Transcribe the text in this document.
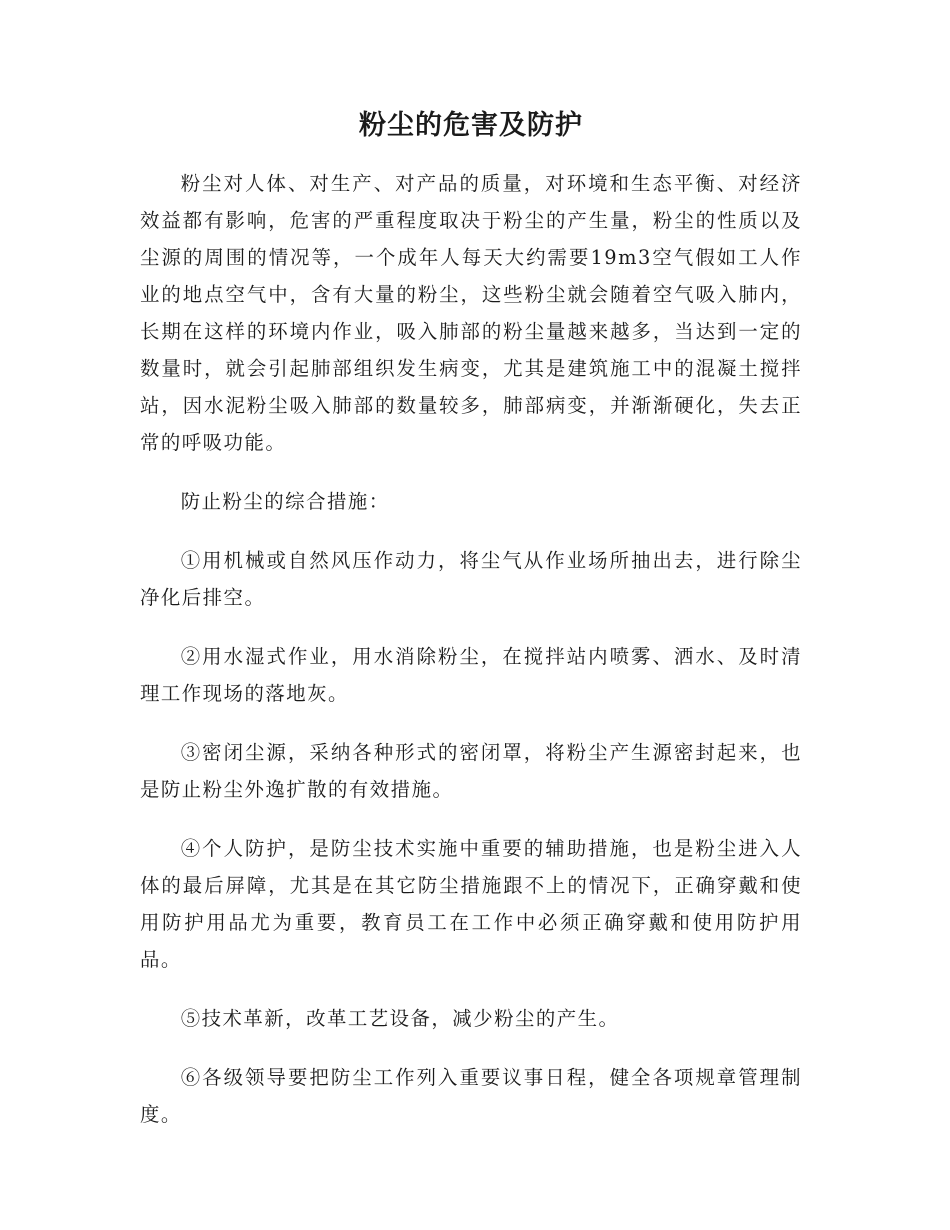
粉尘的危害及防护

粉尘对人体、对生产、对产品的质量，对环境和生态平衡、对经济效益都有影响，危害的严重程度取决于粉尘的产生量，粉尘的性质以及尘源的周围的情况等，一个成年人每天大约需要19m3空气假如工人作业的地点空气中，含有大量的粉尘，这些粉尘就会随着空气吸入肺内，长期在这样的环境内作业，吸入肺部的粉尘量越来越多，当达到一定的数量时，就会引起肺部组织发生病变，尤其是建筑施工中的混凝土搅拌站，因水泥粉尘吸入肺部的数量较多，肺部病变，并渐渐硬化，失去正常的呼吸功能。

防止粉尘的综合措施：

①用机械或自然风压作动力，将尘气从作业场所抽出去，进行除尘净化后排空。

②用水湿式作业，用水消除粉尘，在搅拌站内喷雾、洒水、及时清理工作现场的落地灰。

③密闭尘源，采纳各种形式的密闭罩，将粉尘产生源密封起来，也是防止粉尘外逸扩散的有效措施。

④个人防护，是防尘技术实施中重要的辅助措施，也是粉尘进入人体的最后屏障，尤其是在其它防尘措施跟不上的情况下，正确穿戴和使用防护用品尤为重要，教育员工在工作中必须正确穿戴和使用防护用品。

⑤技术革新，改革工艺设备，减少粉尘的产生。

⑥各级领导要把防尘工作列入重要议事日程，健全各项规章管理制度。
